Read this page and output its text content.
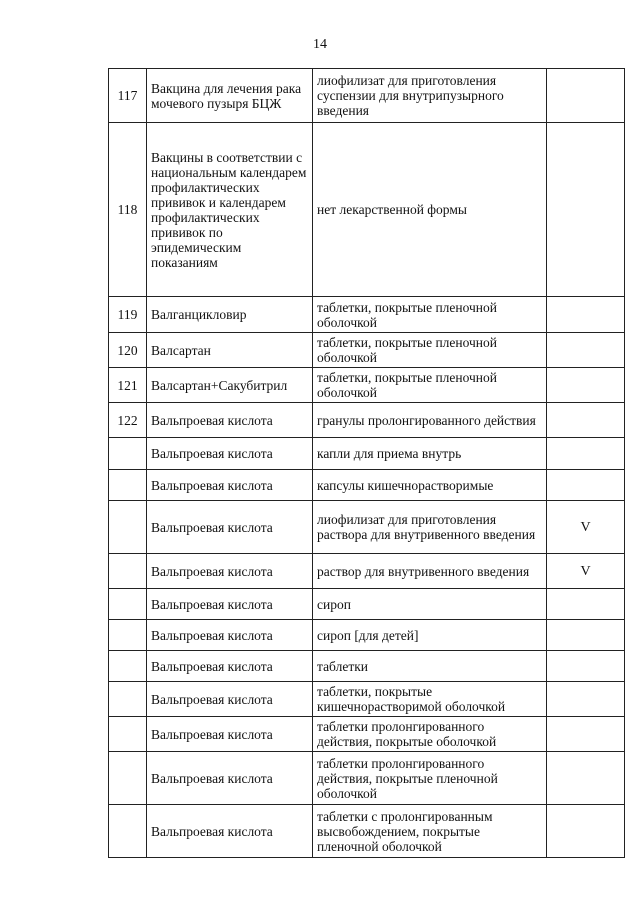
14
117	Вакцина для лечения рака мочевого пузыря БЦЖ	лиофилизат для приготовления суспензии для внутрипузырного введения	
118	Вакцины в соответствии с национальным календарем профилактических прививок и календарем профилактических прививок по эпидемическим показаниям	нет лекарственной формы	
119	Валганцикловир	таблетки, покрытые пленочной оболочкой	
120	Валсартан	таблетки, покрытые пленочной оболочкой	
121	Валсартан+Сакубитрил	таблетки, покрытые пленочной оболочкой	
122	Вальпроевая кислота	гранулы пролонгированного действия	
	Вальпроевая кислота	капли для приема внутрь	
	Вальпроевая кислота	капсулы кишечнорастворимые	
	Вальпроевая кислота	лиофилизат для приготовления раствора для внутривенного введения	V
	Вальпроевая кислота	раствор для внутривенного введения	V
	Вальпроевая кислота	сироп	
	Вальпроевая кислота	сироп [для детей]	
	Вальпроевая кислота	таблетки	
	Вальпроевая кислота	таблетки, покрытые кишечнорастворимой оболочкой	
	Вальпроевая кислота	таблетки пролонгированного действия, покрытые оболочкой	
	Вальпроевая кислота	таблетки пролонгированного действия, покрытые пленочной оболочкой	
	Вальпроевая кислота	таблетки с пролонгированным высвобождением, покрытые пленочной оболочкой	
